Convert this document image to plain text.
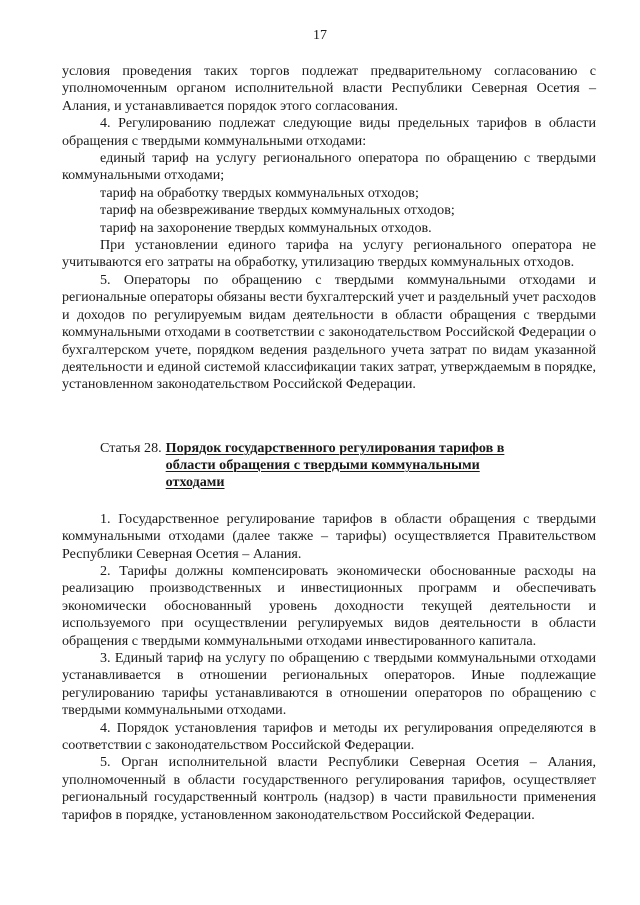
17

условия проведения таких торгов подлежат предварительному согласованию с уполномоченным органом исполнительной власти Республики Северная Осетия – Алания, и устанавливается порядок этого согласования.

4. Регулированию подлежат следующие виды предельных тарифов в области обращения с твердыми коммунальными отходами:

единый тариф на услугу регионального оператора по обращению с твердыми коммунальными отходами;

тариф на обработку твердых коммунальных отходов;

тариф на обезвреживание твердых коммунальных отходов;

тариф на захоронение твердых коммунальных отходов.

При установлении единого тарифа на услугу регионального оператора не учитываются его затраты на обработку, утилизацию твердых коммунальных отходов.

5. Операторы по обращению с твердыми коммунальными отходами и региональные операторы обязаны вести бухгалтерский учет и раздельный учет расходов и доходов по регулируемым видам деятельности в области обращения с твердыми коммунальными отходами в соответствии с законодательством Российской Федерации о бухгалтерском учете, порядком ведения раздельного учета затрат по видам указанной деятельности и единой системой классификации таких затрат, утверждаемым в порядке, установленном законодательством Российской Федерации.

Статья 28. Порядок государственного регулирования тарифов в
области обращения с твердыми коммунальными отходами

1. Государственное регулирование тарифов в области обращения с твердыми коммунальными отходами (далее также – тарифы) осуществляется Правительством Республики Северная Осетия – Алания.

2. Тарифы должны компенсировать экономически обоснованные расходы на реализацию производственных и инвестиционных программ и обеспечивать экономически обоснованный уровень доходности текущей деятельности и используемого при осуществлении регулируемых видов деятельности в области обращения с твердыми коммунальными отходами инвестированного капитала.

3. Единый тариф на услугу по обращению с твердыми коммунальными отходами устанавливается в отношении региональных операторов. Иные подлежащие регулированию тарифы устанавливаются в отношении операторов по обращению с твердыми коммунальными отходами.

4. Порядок установления тарифов и методы их регулирования определяются в соответствии с законодательством Российской Федерации.

5. Орган исполнительной власти Республики Северная Осетия – Алания, уполномоченный в области государственного регулирования тарифов, осуществляет региональный государственный контроль (надзор) в части правильности применения тарифов в порядке, установленном законодательством Российской Федерации.
